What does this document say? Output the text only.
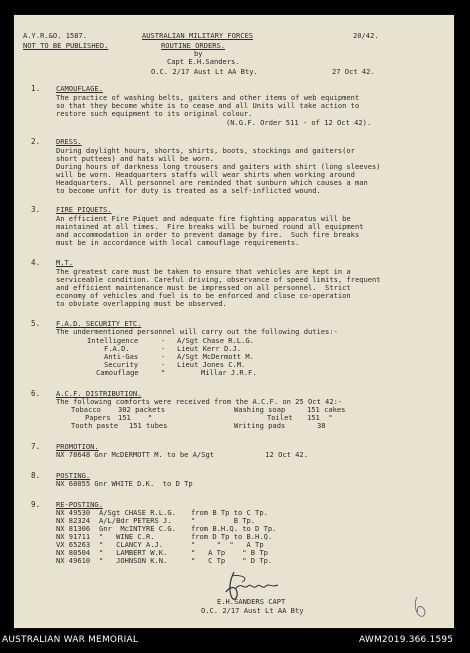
A.Y.R.&O. 1587.	AUSTRALIAN MILITARY FORCES	20/42.
NOT TO BE PUBLISHED.	ROUTINE ORDERS.
by
Capt E.H.Sanders.
O.C. 2/17 Aust Lt AA Bty.	27 Oct 42.
1. CAMOUFLAGE.
The practice of washing belts, gaiters and other items of web equipment
so that they become white is to cease and all Units will take action to
restore such equipment to its original colour.
(N.G.F. Order 511 - of 12 Oct 42).
2. DRESS.
During daylight hours, shorts, shirts, boots, stockings and gaiters(or
short puttees) and hats will be worn.
During hours of darkness long trousers and gaiters with shirt (long sleeves)
will be worn. Headquarters staffs will wear shirts when working around
Headquarters.  All personnel are reminded that sunburn which causes a man
to become unfit for duty is treated as a self-inflicted wound.
3. FIRE PIQUETS.
An efficient Fire Piquet and adequate fire fighting apparatus will be
maintained at all times.  Fire breaks will be burned round all equipment
and accommodation in order to prevent damage by fire.  Such fire breaks
must be in accordance with local camouflage requirements.
4. M.T.
The greatest care must be taken to ensure that vehicles are kept in a
serviceable condition. Careful driving, observance of speed limits, frequent
and efficient maintenance must be impressed on all personnel.  Strict
economy of vehicles and fuel is to be enforced and close co-operation
to obviate overlapping must be observed.
5. F.A.D. SECURITY ETC.
The undermentioned personnel will carry out the following duties:-
Intelligence	- A/Sgt Chase R.L.G.
F.A.D.	- Lieut Kerr D.J.
Anti-Gas	- A/Sgt McDermott M.
Security	- Lieut Jones C.M.
Camouflage	"	Millar J.R.F.
6. A.C.F. DISTRIBUTION.
The following comforts were received from the A.C.F. on 25 Oct 42:-
Tobacco 302 packets	Washing soap	151 cakes
Papers 151    "	Toilet 151  "
Tooth paste 151 tubes	Writing pads	38
7. PROMOTION.
NX 78648 Gnr McDERMOTT M. to be A/Sgt            12 Oct 42.
8. POSTING.
NX 68055 Gnr WHITE D.K.  to D Tp
9. RE-POSTING.
NX 49530 A/Sgt CHASE R.L.G. from B Tp to C Tp.
NX 82324 A/L/Bdr PETERS J.	"         B Tp.
NX 81306 Gnr  McINTYRE C.G. from B.H.Q. to D Tp.
NX 91711 "   WINE C.R.	from D Tp to B.H.Q.
VX 65263 "   CLANCY A.J.	"     "  "   A Tp
NX 80504 "   LAMBERT W.K.	"   A Tp    " B Tp
NX 49610 "   JOHNSON K.N.	"   C Tp    " D Tp.
E.H.SANDERS CAPT
O.C. 2/17 Aust Lt AA Bty
AUSTRALIAN WAR MEMORIAL	AWM2019.366.1595
